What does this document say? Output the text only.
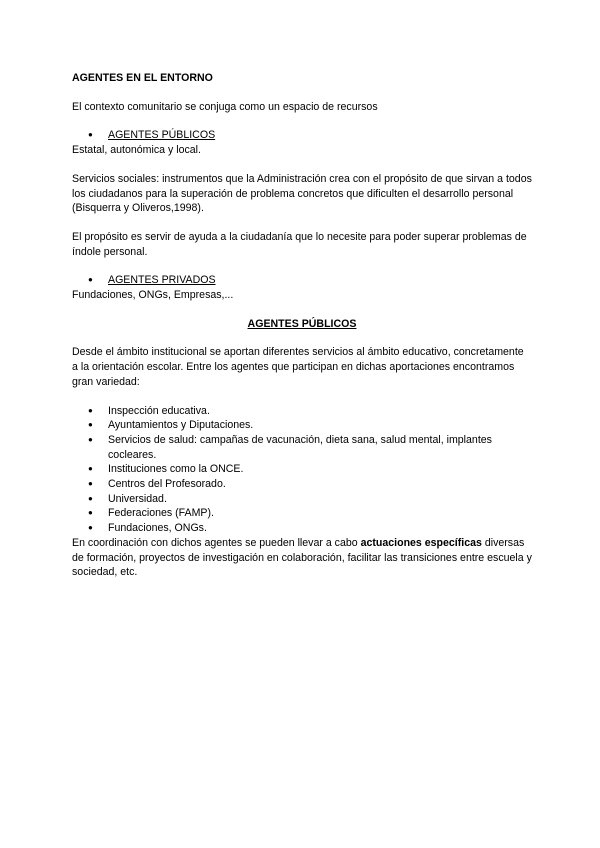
AGENTES EN EL ENTORNO

El contexto comunitario se conjuga como un espacio de recursos

● AGENTES PÚBLICOS

Estatal, autonómica y local.

Servicios sociales: instrumentos que la Administración crea con el propósito de que sirvan a todos los ciudadanos para la superación de problema concretos que dificulten el desarrollo personal (Bisquerra y Oliveros,1998).

El propósito es servir de ayuda a la ciudadanía que lo necesite para poder superar problemas de índole personal.

● AGENTES PRIVADOS

Fundaciones, ONGs, Empresas,...

AGENTES PÚBLICOS

Desde el ámbito institucional se aportan diferentes servicios al ámbito educativo, concretamente a la orientación escolar. Entre los agentes que participan en dichas aportaciones encontramos gran variedad:

● Inspección educativa.
● Ayuntamientos y Diputaciones.
● Servicios de salud: campañas de vacunación, dieta sana, salud mental, implantes cocleares.
● Instituciones como la ONCE.
● Centros del Profesorado.
● Universidad.
● Federaciones (FAMP).
● Fundaciones, ONGs.

En coordinación con dichos agentes se pueden llevar a cabo actuaciones específicas diversas de formación, proyectos de investigación en colaboración, facilitar las transiciones entre escuela y sociedad, etc.
